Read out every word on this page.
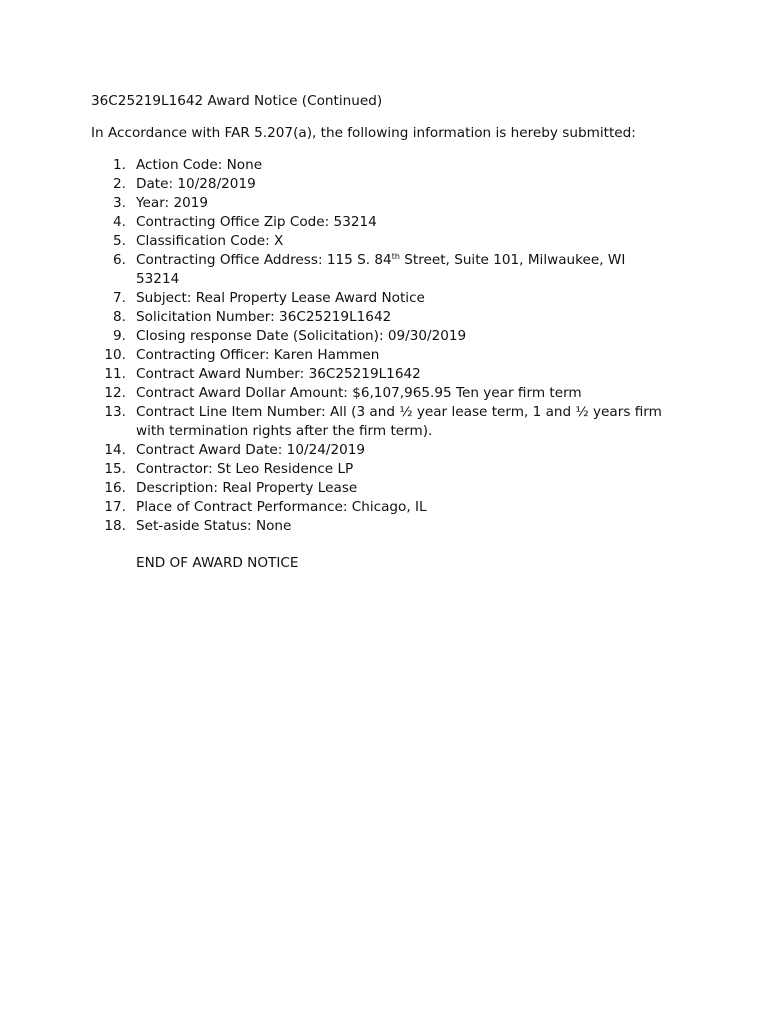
36C25219L1642 Award Notice (Continued)
In Accordance with FAR 5.207(a), the following information is hereby submitted:
1. Action Code: None
2. Date: 10/28/2019
3. Year: 2019
4. Contracting Office Zip Code: 53214
5. Classification Code: X
6. Contracting Office Address: 115 S. 84th Street, Suite 101, Milwaukee, WI
53214
7. Subject: Real Property Lease Award Notice
8. Solicitation Number: 36C25219L1642
9. Closing response Date (Solicitation): 09/30/2019
10. Contracting Officer: Karen Hammen
11. Contract Award Number: 36C25219L1642
12. Contract Award Dollar Amount: $6,107,965.95 Ten year firm term
13. Contract Line Item Number: All (3 and ½ year lease term, 1 and ½ years firm
with termination rights after the firm term).
14. Contract Award Date: 10/24/2019
15. Contractor: St Leo Residence LP
16. Description: Real Property Lease
17. Place of Contract Performance: Chicago, IL
18. Set-aside Status: None
END OF AWARD NOTICE
